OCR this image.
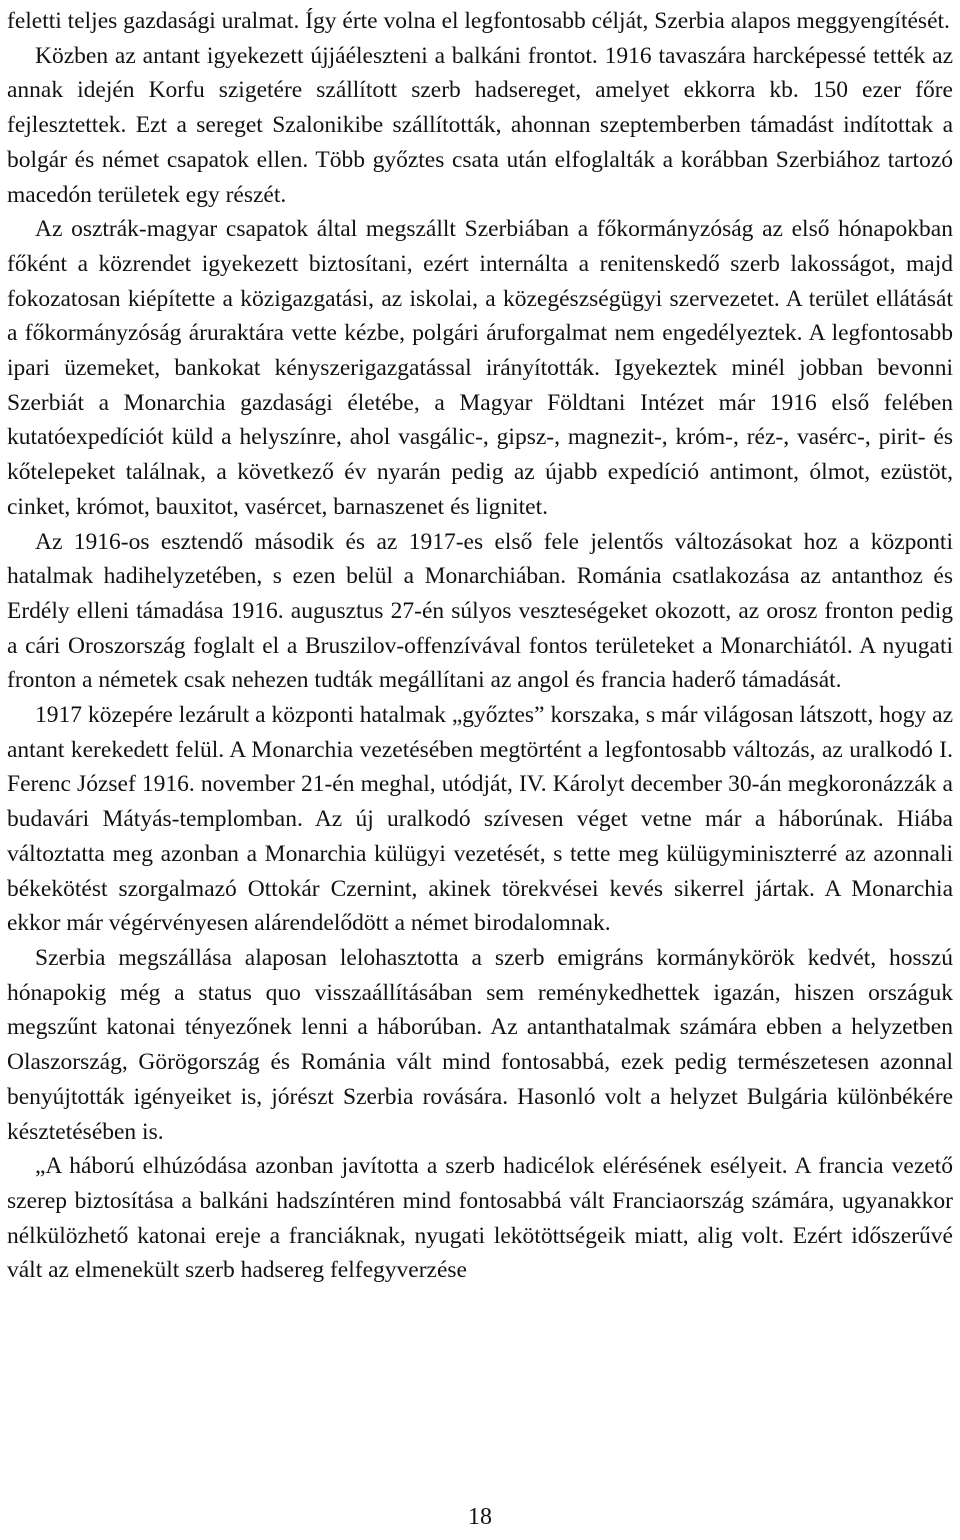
feletti teljes gazdasági uralmat. Így érte volna el legfontosabb célját, Szerbia alapos meggyengítését.

Közben az antant igyekezett újjáéleszteni a balkáni frontot. 1916 tavaszára harcképessé tették az annak idején Korfu szigetére szállított szerb hadsereget, amelyet ekkorra kb. 150 ezer főre fejlesztettek. Ezt a sereget Szalonikibe szállították, ahonnan szeptemberben támadást indítottak a bolgár és német csapatok ellen. Több győztes csata után elfoglalták a korábban Szerbiához tartozó macedón területek egy részét.

Az osztrák-magyar csapatok által megszállt Szerbiában a főkormányzóság az első hónapokban főként a közrendet igyekezett biztosítani, ezért internálta a renitenskedő szerb lakosságot, majd fokozatosan kiépítette a közigazgatási, az iskolai, a közegészségügyi szervezetet. A terület ellátását a főkormányzóság áruraktára vette kézbe, polgári áruforgalmat nem engedélyeztek. A legfontosabb ipari üzemeket, bankokat kényszerigazgatással irányították. Igyekeztek minél jobban bevonni Szerbiát a Monarchia gazdasági életébe, a Magyar Földtani Intézet már 1916 első felében kutatóexpedíciót küld a helyszínre, ahol vasgálic-, gipsz-, magnezit-, króm-, réz-, vasérc-, pirit- és kőtelepeket találnak, a következő év nyarán pedig az újabb expedíció antimont, ólmot, ezüstöt, cinket, krómot, bauxitot, vasércet, barnaszenet és lignitet.

Az 1916-os esztendő második és az 1917-es első fele jelentős változásokat hoz a központi hatalmak hadihelyzetében, s ezen belül a Monarchiában. Románia csatlakozása az antanthoz és Erdély elleni támadása 1916. augusztus 27-én súlyos veszteségeket okozott, az orosz fronton pedig a cári Oroszország foglalt el a Bruszilov-offenzívával fontos területeket a Monarchiától. A nyugati fronton a németek csak nehezen tudták megállítani az angol és francia haderő támadását.

1917 közepére lezárult a központi hatalmak „győztes” korszaka, s már világosan látszott, hogy az antant kerekedett felül. A Monarchia vezetésében megtörtént a legfontosabb változás, az uralkodó I. Ferenc József 1916. november 21-én meghal, utódját, IV. Károlyt december 30-án megkoronázzák a budavári Mátyás-templomban. Az új uralkodó szívesen véget vetne már a háborúnak. Hiába változtatta meg azonban a Monarchia külügyi vezetését, s tette meg külügyminiszterré az azonnali békekötést szorgalmazó Ottokár Czernint, akinek törekvései kevés sikerrel jártak. A Monarchia ekkor már végérvényesen alárendelődött a német birodalomnak.

Szerbia megszállása alaposan lelohasztotta a szerb emigráns kormánykörök kedvét, hosszú hónapokig még a status quo visszaállításában sem reménykedhettek igazán, hiszen országuk megszűnt katonai tényezőnek lenni a háborúban. Az antanthatalmak számára ebben a helyzetben Olaszország, Görögország és Románia vált mind fontosabbá, ezek pedig természetesen azonnal benyújtották igényeiket is, jórészt Szerbia rovására. Hasonló volt a helyzet Bulgária különbékére késztetésében is.

„A háború elhúzódása azonban javította a szerb hadicélok elérésének esélyeit. A francia vezető szerep biztosítása a balkáni hadszíntéren mind fontosabbá vált Franciaország számára, ugyanakkor nélkülözhető katonai ereje a franciáknak, nyugati lekötöttségeik miatt, alig volt. Ezért időszerűvé vált az elmenekült szerb hadsereg felfegyverzése

18
